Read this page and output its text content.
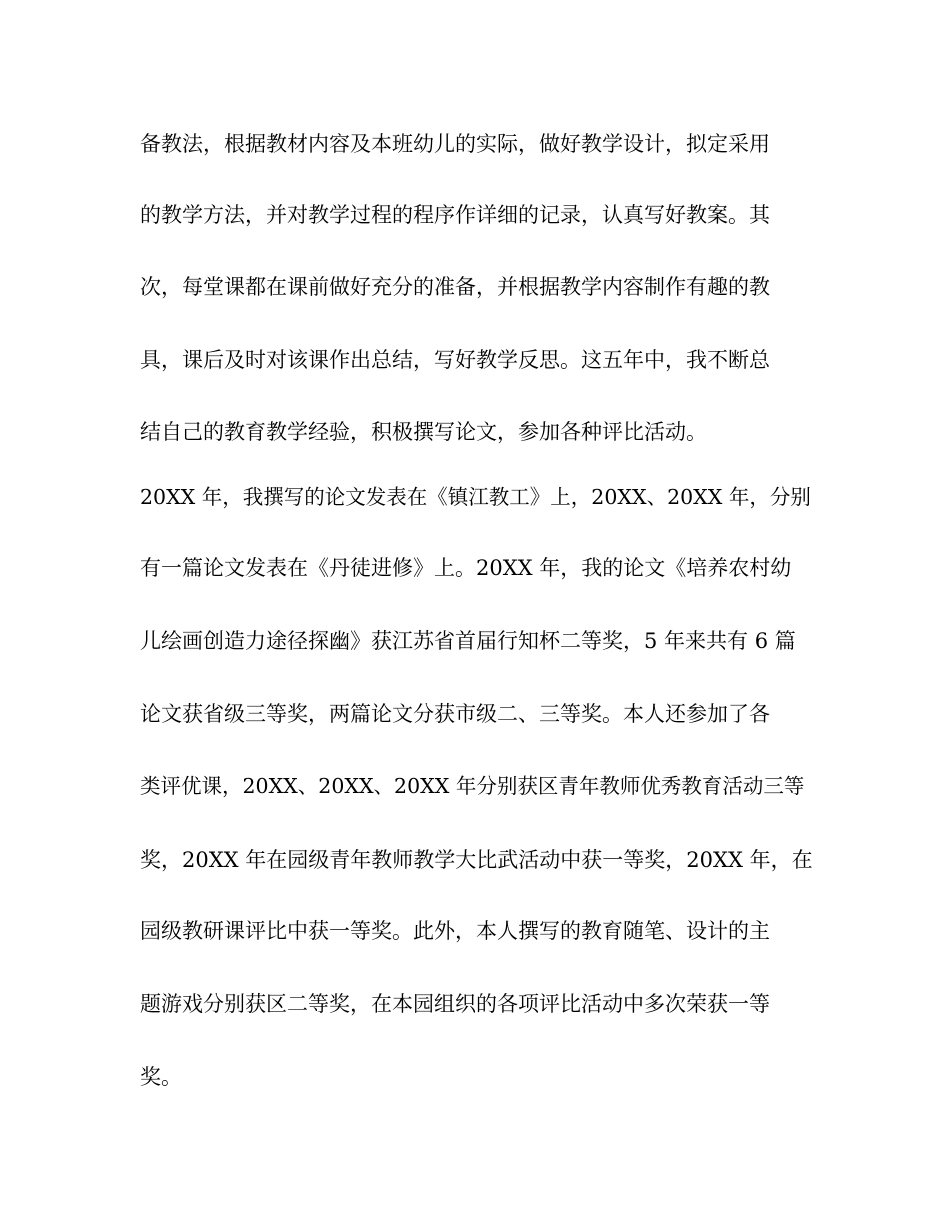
备教法，根据教材内容及本班幼儿的实际，做好教学设计，拟定采用
的教学方法，并对教学过程的程序作详细的记录，认真写好教案。其
次，每堂课都在课前做好充分的准备，并根据教学内容制作有趣的教
具，课后及时对该课作出总结，写好教学反思。这五年中，我不断总
结自己的教育教学经验，积极撰写论文，参加各种评比活动。
20XX 年，我撰写的论文发表在《镇江教工》上，20XX、20XX 年，分别
有一篇论文发表在《丹徒进修》上。20XX 年，我的论文《培养农村幼
儿绘画创造力途径探幽》获江苏省首届行知杯二等奖，5 年来共有 6 篇
论文获省级三等奖，两篇论文分获市级二、三等奖。本人还参加了各
类评优课，20XX、20XX、20XX 年分别获区青年教师优秀教育活动三等
奖，20XX 年在园级青年教师教学大比武活动中获一等奖，20XX 年，在
园级教研课评比中获一等奖。此外，本人撰写的教育随笔、设计的主
题游戏分别获区二等奖，在本园组织的各项评比活动中多次荣获一等
奖。
